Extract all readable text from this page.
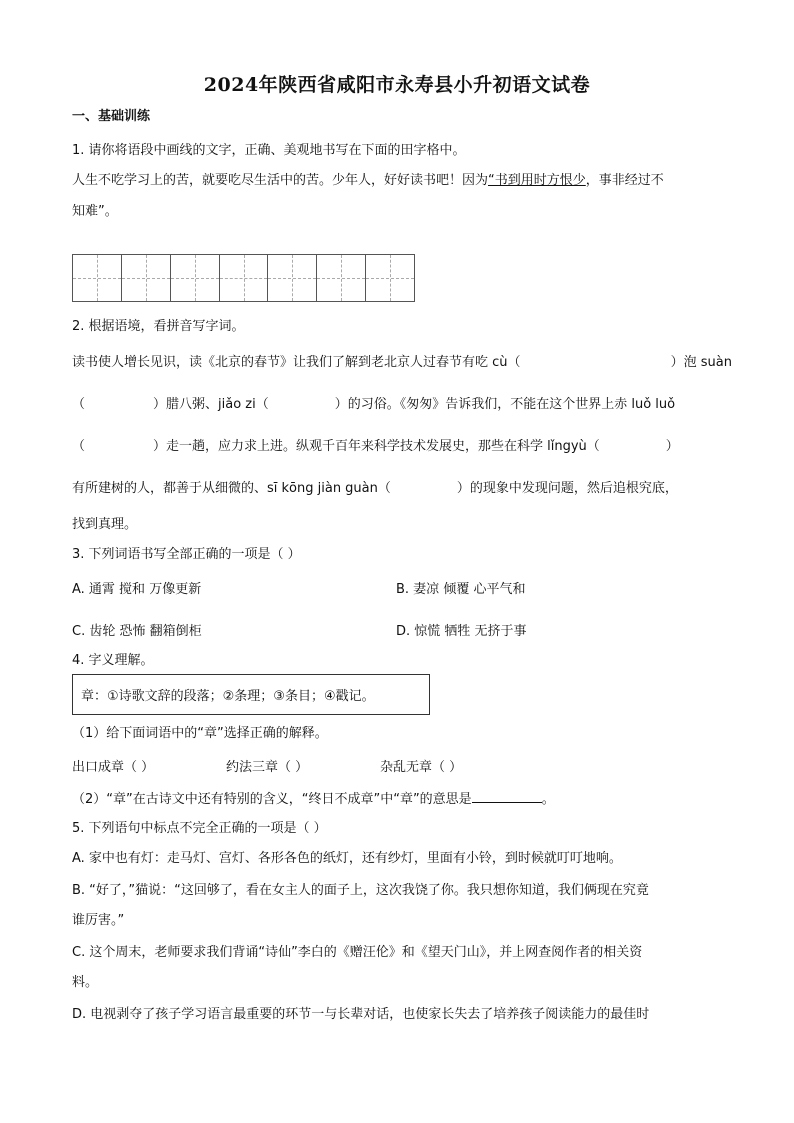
2024年陕西省咸阳市永寿县小升初语文试卷
一、基础训练
1. 请你将语段中画线的文字，正确、美观地书写在下面的田字格中。
人生不吃学习上的苦，就要吃尽生活中的苦。少年人，好好读书吧！因为“书到用时方恨少，事非经过不
知难”。
2. 根据语境，看拼音写字词。
读书使人增长见识，读《北京的春节》让我们了解到老北京人过春节有吃 cù（	）泡 suàn
（	）腊八粥、jiǎo zi（	）的习俗。《匆匆》告诉我们，不能在这个世界上赤 luǒ luǒ
（	）走一趟，应力求上进。纵观千百年来科学技术发展史，那些在科学 lǐngyù（	）
有所建树的人，都善于从细微的、sī kōng jiàn guàn（	）的现象中发现问题，然后追根究底，
找到真理。
3. 下列词语书写全部正确的一项是（ ）
A. 通霄 搅和 万像更新	B. 妻凉 倾覆 心平气和
C. 齿轮 恐怖 翻箱倒柜	D. 惊慌 牺牲 无挤于事
4. 字义理解。
章：①诗歌文辞的段落；②条理；③条目；④戳记。
（1）给下面词语中的“章”选择正确的解释。
出口成章（ ）	约法三章（ ）	杂乱无章（ ）
（2）“章”在古诗文中还有特别的含义，“终日不成章”中“章”的意思是	。
5. 下列语句中标点不完全正确的一项是（ ）
A. 家中也有灯：走马灯、宫灯、各形各色的纸灯，还有纱灯，里面有小铃，到时候就叮叮地响。
B. “好了，”猫说：“这回够了，看在女主人的面子上，这次我饶了你。我只想你知道，我们俩现在究竟
谁厉害。”
C. 这个周末，老师要求我们背诵“诗仙”李白的《赠汪伦》和《望天门山》，并上网查阅作者的相关资
料。
D. 电视剥夺了孩子学习语言最重要的环节一与长辈对话，也使家长失去了培养孩子阅读能力的最佳时
